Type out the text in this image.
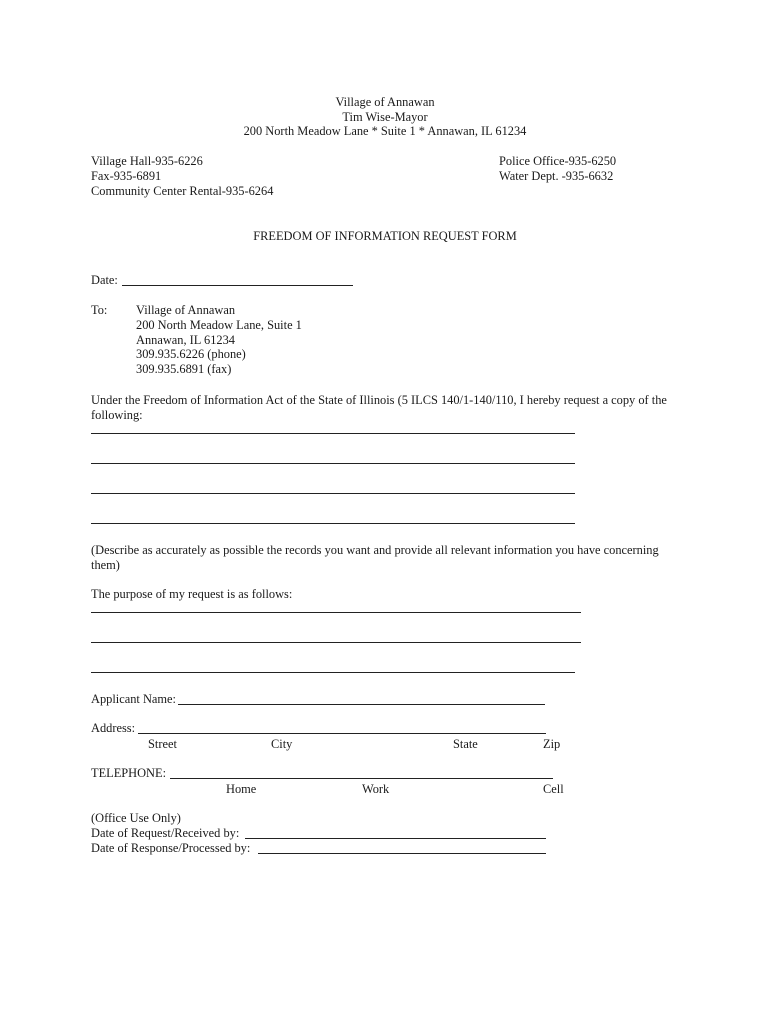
Village of Annawan
Tim Wise-Mayor
200 North Meadow Lane * Suite 1 * Annawan, IL 61234
Village Hall-935-6226
Fax-935-6891
Community Center Rental-935-6264
Police Office-935-6250
Water Dept. -935-6632
FREEDOM OF INFORMATION REQUEST FORM
Date:
To: Village of Annawan
200 North Meadow Lane, Suite 1
Annawan, IL 61234
309.935.6226 (phone)
309.935.6891 (fax)
Under the Freedom of Information Act of the State of Illinois (5 ILCS 140/1-140/110, I hereby request a copy of the following:
(Describe as accurately as possible the records you want and provide all relevant information you have concerning them)
The purpose of my request is as follows:
Applicant Name:
Address:
Street	City	State	Zip
TELEPHONE:
Home	Work	Cell
(Office Use Only)
Date of Request/Received by:
Date of Response/Processed by:
